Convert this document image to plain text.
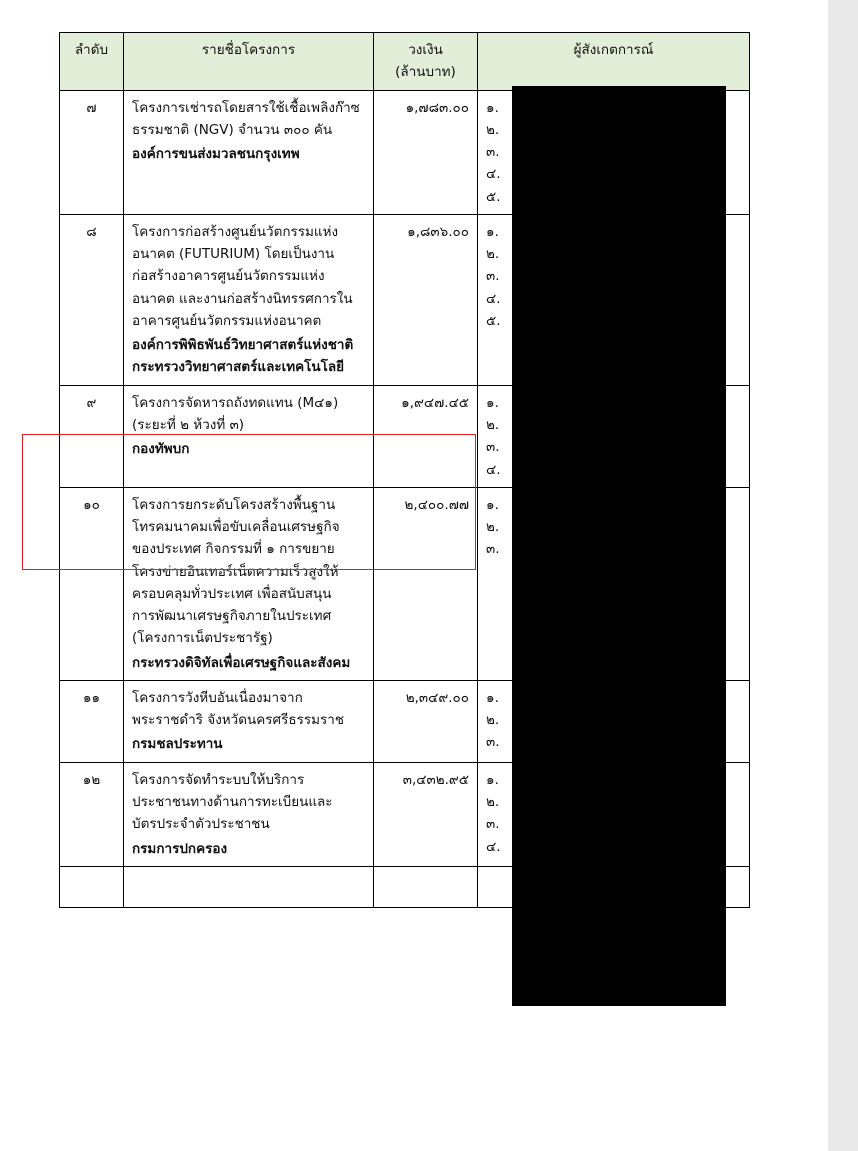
ลำดับ	รายชื่อโครงการ	วงเงิน
(ล้านบาท)	ผู้สังเกตการณ์
๗	โครงการเช่ารถโดยสารใช้เชื้อเพลิงก๊าซ
ธรรมชาติ (NGV) จำนวน ๓๐๐ คัน
องค์การขนส่งมวลชนกรุงเทพ
	๑,๗๘๓.๐๐	๑.
๒.
๓.
๔.
๕.

๘	โครงการก่อสร้างศูนย์นวัตกรรมแห่ง
อนาคต (FUTURIUM) โดยเป็นงาน
ก่อสร้างอาคารศูนย์นวัตกรรมแห่ง
อนาคต และงานก่อสร้างนิทรรศการใน
อาคารศูนย์นวัตกรรมแห่งอนาคต
องค์การพิพิธพันธ์วิทยาศาสตร์แห่งชาติกระทรวงวิทยาศาสตร์และเทคโนโลยี
	๑,๘๓๖.๐๐	๑.
๒.
๓.
๔.
๕.

๙	โครงการจัดหารถถังทดแทน (M๔๑)
(ระยะที่ ๒ ห้วงที่ ๓)
กองทัพบก
	๑,๙๔๗.๔๕	๑.
๒.
๓.
๔.

๑๐	โครงการยกระดับโครงสร้างพื้นฐาน
โทรคมนาคมเพื่อขับเคลื่อนเศรษฐกิจ
ของประเทศ กิจกรรมที่ ๑ การขยาย
โครงข่ายอินเทอร์เน็ตความเร็วสูงให้
ครอบคลุมทั่วประเทศ เพื่อสนับสนุน
การพัฒนาเศรษฐกิจภายในประเทศ
(โครงการเน็ตประชารัฐ)
กระทรวงดิจิทัลเพื่อเศรษฐกิจและสังคม
	๒,๔๐๐.๗๗	๑.
๒.
๓.

๑๑	โครงการวังหีบอันเนื่องมาจาก
พระราชดำริ จังหวัดนครศรีธรรมราช
กรมชลประทาน
	๒,๓๔๙.๐๐	๑.
๒.
๓.

๑๒	โครงการจัดทำระบบให้บริการ
ประชาชนทางด้านการทะเบียนและ
บัตรประจำตัวประชาชน
กรมการปกครอง
	๓,๔๓๒.๙๕	๑.
๒.
๓.
๔.
